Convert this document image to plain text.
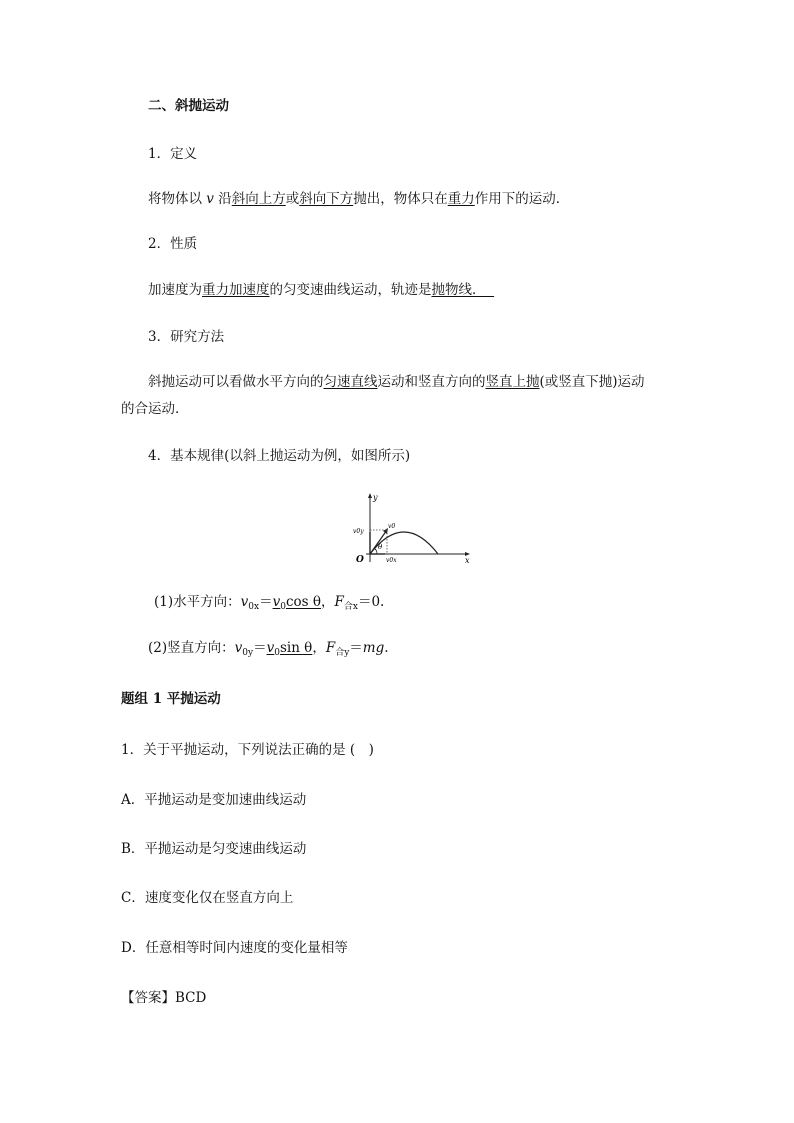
二、斜抛运动
1．定义
将物体以 v 沿斜向上方或斜向下方抛出，物体只在重力作用下的运动．
2．性质
加速度为重力加速度的匀变速曲线运动，轨迹是抛物线．
3．研究方法
斜抛运动可以看做水平方向的匀速直线运动和竖直方向的竖直上抛(或竖直下抛)运动
的合运动．
4．基本规律(以斜上抛运动为例，如图所示)
y
x
O
v0y
v0
θ
v0x
(1)水平方向：$v_{0x}=v_0\cos$ θ，$F_{合x}=0$.
(2)竖直方向：$v_{0y}=v_0\sin$ θ，$F_{合y}=mg$.
题组 1 平抛运动
1．关于平抛运动，下列说法正确的是 (　)
A．平抛运动是变加速曲线运动
B．平抛运动是匀变速曲线运动
C．速度变化仅在竖直方向上
D．任意相等时间内速度的变化量相等
【答案】BCD
